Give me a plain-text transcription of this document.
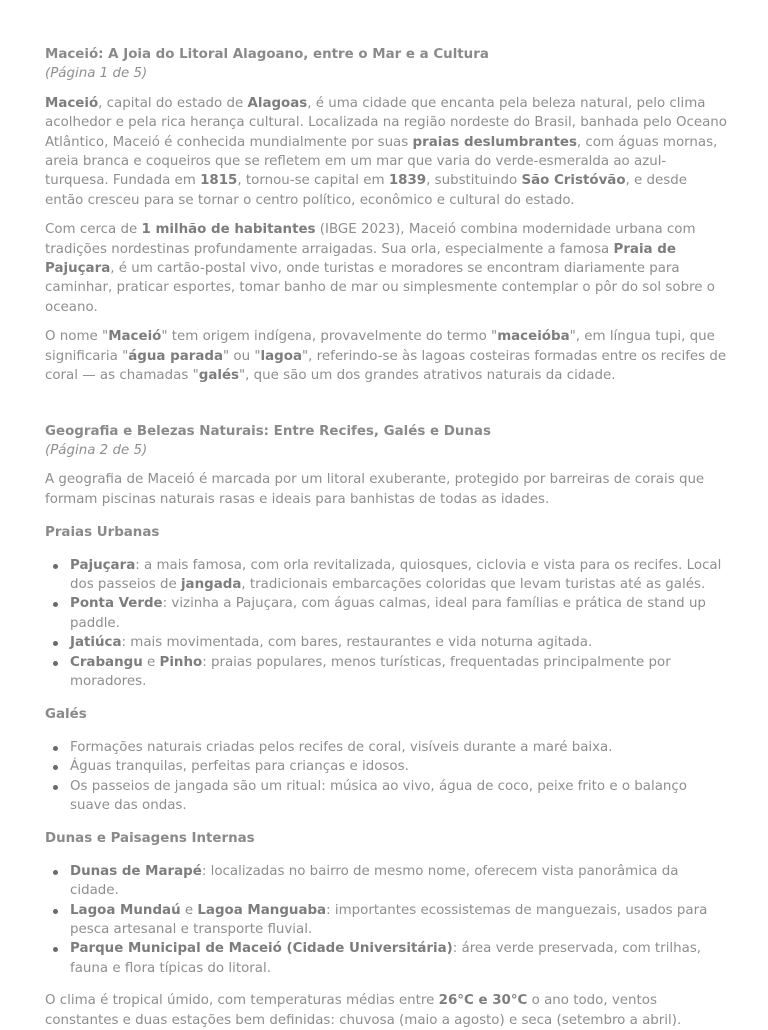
Maceió: A Joia do Litoral Alagoano, entre o Mar e a Cultura
(Página 1 de 5)

Maceió, capital do estado de Alagoas, é uma cidade que encanta pela beleza natural, pelo clima acolhedor e pela rica herança cultural. Localizada na região nordeste do Brasil, banhada pelo Oceano Atlântico, Maceió é conhecida mundialmente por suas praias deslumbrantes, com águas mornas, areia branca e coqueiros que se refletem em um mar que varia do verde-esmeralda ao azul-turquesa. Fundada em 1815, tornou-se capital em 1839, substituindo São Cristóvão, e desde então cresceu para se tornar o centro político, econômico e cultural do estado.

Com cerca de 1 milhão de habitantes (IBGE 2023), Maceió combina modernidade urbana com tradições nordestinas profundamente arraigadas. Sua orla, especialmente a famosa Praia de Pajuçara, é um cartão-postal vivo, onde turistas e moradores se encontram diariamente para caminhar, praticar esportes, tomar banho de mar ou simplesmente contemplar o pôr do sol sobre o oceano.

O nome "Maceió" tem origem indígena, provavelmente do termo "maceióba", em língua tupi, que significaria "água parada" ou "lagoa", referindo-se às lagoas costeiras formadas entre os recifes de coral — as chamadas "galés", que são um dos grandes atrativos naturais da cidade.

Geografia e Belezas Naturais: Entre Recifes, Galés e Dunas
(Página 2 de 5)

A geografia de Maceió é marcada por um litoral exuberante, protegido por barreiras de corais que formam piscinas naturais rasas e ideais para banhistas de todas as idades.

Praias Urbanas
Pajuçara: a mais famosa, com orla revitalizada, quiosques, ciclovia e vista para os recifes. Local dos passeios de jangada, tradicionais embarcações coloridas que levam turistas até as galés.
Ponta Verde: vizinha a Pajuçara, com águas calmas, ideal para famílias e prática de stand up paddle.
Jatiúca: mais movimentada, com bares, restaurantes e vida noturna agitada.
Crabangu e Pinho: praias populares, menos turísticas, frequentadas principalmente por moradores.
Galés
Formações naturais criadas pelos recifes de coral, visíveis durante a maré baixa.
Águas tranquilas, perfeitas para crianças e idosos.
Os passeios de jangada são um ritual: música ao vivo, água de coco, peixe frito e o balanço suave das ondas.
Dunas e Paisagens Internas
Dunas de Marapé: localizadas no bairro de mesmo nome, oferecem vista panorâmica da cidade.
Lagoa Mundaú e Lagoa Manguaba: importantes ecossistemas de manguezais, usados para pesca artesanal e transporte fluvial.
Parque Municipal de Maceió (Cidade Universitária): área verde preservada, com trilhas, fauna e flora típicas do litoral.

O clima é tropical úmido, com temperaturas médias entre 26°C e 30°C o ano todo, ventos constantes e duas estações bem definidas: chuvosa (maio a agosto) e seca (setembro a abril).
